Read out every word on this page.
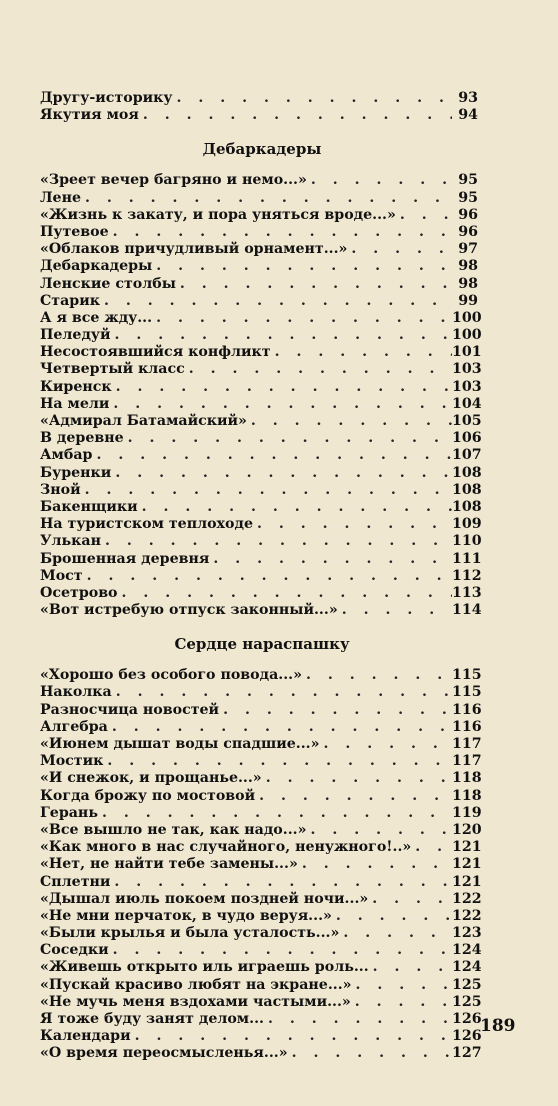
Другу-историку . . .	93
Якутия моя . . .	94
Дебаркадеры
«Зреет вечер багряно и немо...» . . .	95
Лене . . .	95
«Жизнь к закату, и пора уняться вроде...» . . .	96
Путевое . . .	96
«Облаков причудливый орнамент...» . . .	97
Дебаркадеры . . .	98
Ленские столбы . . .	98
Старик . . .	99
А я все жду... . . .	100
Пеледуй . . .	100
Несостоявшийся конфликт . . .	101
Четвертый класс . . .	103
Киренск . . .	103
На мели . . .	104
«Адмирал Батамайский» . . .	105
В деревне . . .	106
Амбар . . .	107
Буренки . . .	108
Зной . . .	108
Бакенщики . . .	108
На туристском теплоходе . . .	109
Улькан . . .	110
Брошенная деревня . . .	111
Мост . . .	112
Осетрово . . .	113
«Вот истребую отпуск законный...» . . .	114
Сердце нараспашку
«Хорошо без особого повода...» . . .	115
Наколка . . .	115
Разносчица новостей . . .	116
Алгебра . . .	116
«Июнем дышат воды спадшие...» . . .	117
Мостик . . .	117
«И снежок, и прощанье...» . . .	118
Когда брожу по мостовой . . .	118
Герань . . .	119
«Все вышло не так, как надо...» . . .	120
«Как много в нас случайного, ненужного!..» . . .	121
«Нет, не найти тебе замены...» . . .	121
Сплетни . . .	121
«Дышал июль покоем поздней ночи...» . . .	122
«Не мни перчаток, в чудо веруя...» . . .	122
«Были крылья и была усталость...» . . .	123
Соседки . . .	124
«Живешь открыто иль играешь роль... . . .	124
«Пускай красиво любят на экране...» . . .	125
«Не мучь меня вздохами частыми...» . . .	125
Я тоже буду занят делом... . . .	126
Календари . . .	126
«О время переосмысленья...» . . .	127
189
